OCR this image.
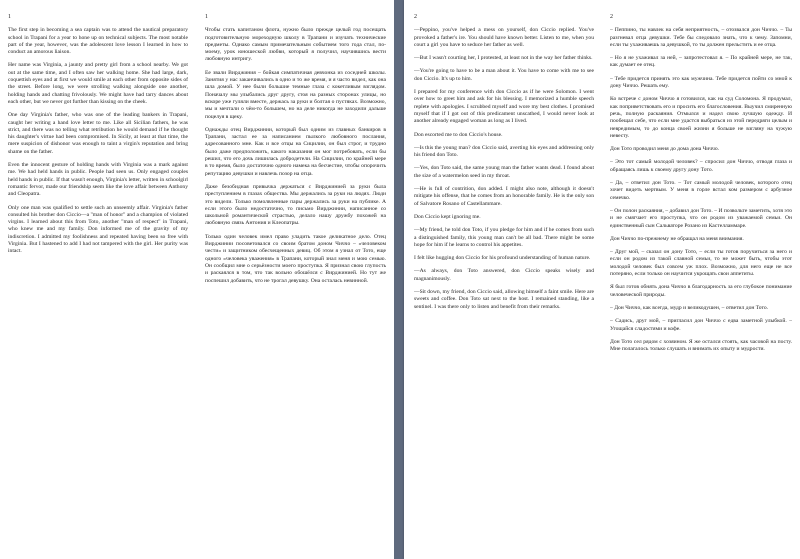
1

The first step in becoming a sea captain was to attend the nautical preparatory school in Trapani for a year to hone up on technical subjects. The most notable part of the year, however, was the adolescent love lesson I learned in how to conduct an amorous liaison.

Her name was Virginia, a jaunty and pretty girl from a school nearby. We got out at the same time, and I often saw her walking home. She had large, dark, coquettish eyes and at first we would smile at each other from opposite sides of the street. Before long, we were strolling walking alongside one another, holding hands and chatting frivolously. We might have had tarry dances about each other, but we never got further than kissing on the cheek.

One day Virginia's father, who was one of the leading bankers in Trapani, caught her writing a hand love letter to me. Like all Sicilian fathers, he was strict, and there was no telling what retribution he would demand if he thought his daughter's virtue had been compromised. In Sicily, at least at that time, the mere suspicion of dishonor was enough to taint a virgin's reputation and bring shame on the father.

Even the innocent gesture of holding hands with Virginia was a mark against me. We had held hands in public. People had seen us. Only engaged couples held hands in public. If that wasn't enough, Virginia's letter, written in schoolgirl romantic fervor, made our friendship seem like the love affair between Anthony and Cleopatra.

Only one man was qualified to settle such an unseemly affair. Virginia's father consulted his brother don Ciccio—a "man of honor" and a champion of violated virgins. I learned about this from Toto, another "man of respect" in Trapani, who knew me and my family. Don informed me of the gravity of my indiscretion. I admitted my foolishness and repeated having been so free with Virginia. But I hastened to add I had not tampered with the girl. Her purity was intact.

1

Чтобы стать капитаном флота, нужно было прежде целый год посещать подготовительную мореходную школу в Трапани и изучать технические предметы. Однако самым примечательным событием того года стал, по-моему, урок юношеской любви, который я получил, научившись вести любовную интригу.

Ее звали Вирджиния – бойкая симпатичная девчонка из соседней школы. Занятия у нас заканчивались в одно и то же время, и я часто видел, как она шла домой. У нее были большие темные глаза с кокетливым взглядом. Поначалу мы улыбались друг другу, стоя на разных сторонах улицы, но вскоре уже гуляли вместе, держась за руки и болтая о пустяках. Возможно, мы и мечтали о чём-то большем, но на деле никогда не заходили дальше поцелуя в щеку.

Однажды отец Вирджинии, который был одним из главных банкиров в Трапани, застал ее за написанием пылкого любовного послания, адресованного мне. Как и все отцы на Сицилии, он был строг, и трудно было даже предположить, какого наказания он мог потребовать, если бы решил, что его дочь лишилась добродетели. На Сицилии, по крайней мере в то время, было достаточно одного намека на бесчестие, чтобы опорочить репутацию девушки и навлечь позор на отца.

Даже безобидная привычка держаться с Вирджинией за руки была преступлением в глазах общества. Мы держались за руки на людях. Люди это видели. Только помолвленные пары держались за руки на публике. А если этого было недостаточно, то письмо Вирджинии, написанное со школьной романтической страстью, делало нашу дружбу похожей на любовную связь Антония и Клеопатры.

Только один человек имел право уладить такое деликатное дело. Отец Вирджинии посоветовался со своим братом доном Чиччо – «человеком чести» и защитником обесчещенных девиц. Об этом я узнал от Тото, еще одного «человека уважения» в Трапани, который знал меня и мою семью. Он сообщил мне о серьёзности моего проступка. Я признал свою глупость и раскаялся в том, что так вольно обошёлся с Вирджинией. Но тут же поспешил добавить, что не трогал девушку. Она осталась невинной.

2

—Peppino, you've helped a mess on yourself, don Ciccio replied. You've provoked a father's ire. You should have known better. Listen to me, when you court a girl you have to seduce her father as well.

—But I wasn't courting her, I protested, at least not in the way her father thinks.

—You're going to have to be a man about it. You have to come with me to see don Ciccio. It's up to him.

I prepared for my conference with don Ciccio as if he were Solomon. I went over how to greet him and ask for his blessing. I memorized a humble speech replete with apologies. I scrubbed myself and wore my best clothes. I promised myself that if I got out of this predicament unscathed, I would never look at another already engaged woman as long as I lived.

Don escorted me to don Ciccio's house.

—Is this the young man? don Ciccio said, averting his eyes and addressing only his friend don Toto.

—Yes, don Toto said, the same young man the father wants dead. I found about the size of a watermelon seed in my throat.

—He is full of contrition, don added. I might also note, although it doesn't mitigate his offense, that he comes from an honorable family. He is the only son of Salvatore Rosano of Castellammare.

Don Ciccio kept ignoring me.

—My friend, he told don Toto, if you pledge for him and if he comes from such a distinguished family, this young man can't be all bad. There might be some hope for him if he learns to control his appetites.

I felt like hugging don Ciccio for his profound understanding of human nature.

—As always, don Toto answered, don Ciccio speaks wisely and magnanimously.

—Sit down, my friend, don Ciccio said, allowing himself a faint smile. Here are sweets and coffee. Don Toto sat next to the host. I remained standing, like a sentinel. I was there only to listen and benefit from their remarks.

2

– Пеппино, ты навлек на себя неприятность, – отозвался дон Чиччо. – Ты разгневал отца девушки. Тебе бы следовало знать, что к чему. Запомни, если ты ухаживаешь за девушкой, то ты должен прельстить и ее отца.

– Но я не ухаживал за ней, – запротестовал я. – По крайней мере, не так, как думает ее отец.

– Тебе придется принять это как мужчина. Тебе придется пойти со мной к дону Чиччо. Решать ему.

Ко встрече с доном Чиччо я готовился, как на суд Соломона. Я продумал, как поприветствовать его и просить его благословения. Выучил смиренную речь, полную раскаяния. Отмылся и надел свою лучшую одежду. И пообещал себе, что если мне удастся выбраться из этой передряги целым и невредимым, то до конца своей жизни я больше не взгляну на чужую невесту.

Дон Тото проводил меня до дома дона Чиччо.

– Это тот самый молодой человек? – спросил дон Чиччо, отводя глаза и обращаясь лишь к своему другу дону Тото.

– Да, – ответил дон Тото. – Тот самый молодой человек, которого отец хочет видеть мертвым. У меня в горле встал ком размером с арбузное семечко.

– Он полон раскаяния, – добавил дон Тото. – И позвольте заметить, хотя это и не смягчает его проступка, что он родом из уважаемой семьи. Он единственный сын Сальваторе Розано из Кастелламмаре.

Дон Чиччо по-прежнему не обращал на меня внимания.

– Друг мой, – сказал он дону Тото, – если ты готов поручиться за него и если он родом из такой славной семьи, то не может быть, чтобы этот молодой человек был совсем уж плох. Возможно, для него еще не все потеряно, если только он научится укрощать свои аппетиты.

Я был готов обнять дона Чиччо в благодарность за его глубокое понимание человеческой природы.

– Дон Чиччо, как всегда, мудр и великодушен, – ответил дон Тото.

– Садись, друг мой, – пригласил дон Чиччо с едва заметной улыбкой. – Угощайся сладостями и кофе.

Дон Тото сел рядом с хозяином. Я же остался стоять, как часовой на посту. Мне полагалось только слушать и внимать их опыту и мудрости.
